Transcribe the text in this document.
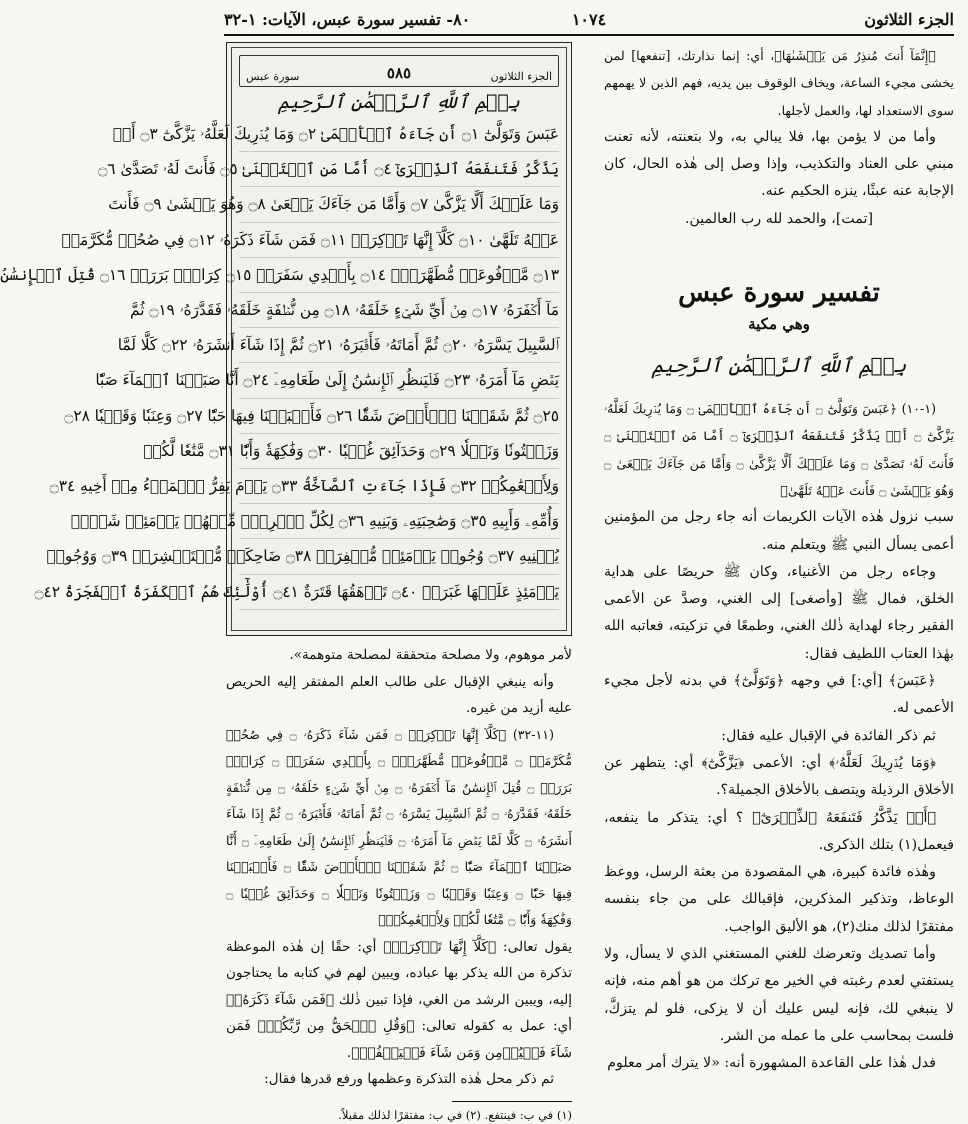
الجزء الثلاثون
١٠٧٤
٨٠- تفسير سورة عبس، الآيات: ١-٣٢

﴿إِنَّمَآ أَنتَ مُنذِرُ مَن يَخۡشَىٰهَا﴾، أي: إنما نذارتك، [تنفعها] لمن يخشى مجيء الساعة، ويخاف الوقوف بين يديه، فهم الذين لا يهمهم سوى الاستعداد لها، والعمل لأجلها.

وأما من لا يؤمن بها، فلا يبالي به، ولا بتعنته، لأنه تعنت مبني على العناد والتكذيب، وإذا وصل إلى هٰذه الحال، كان الإجابة عنه عبثًا، ينزه الحكيم عنه.

[تمت]، والحمد لله رب العالمين.

تفسير سورة عبس
وهي مكية
بِسۡمِ ٱللَّهِ ٱلرَّحۡمَٰنِ ٱلرَّحِيمِ

(١-١٠) ﴿عَبَسَ وَتَوَلَّىٰٓ ۝ أَن جَآءَهُ ٱلۡأَعۡمَىٰ ۝ وَمَا يُدۡرِيكَ لَعَلَّهُۥ يَزَّكَّىٰٓ ۝ أَوۡ يَذَّكَّرُ فَتَنفَعَهُ ٱلذِّكۡرَىٰٓ ۝ أَمَّا مَنِ ٱسۡتَغۡنَىٰ ۝ فَأَنتَ لَهُۥ تَصَدَّىٰ ۝ وَمَا عَلَيۡكَ أَلَّا يَزَّكَّىٰ ۝ وَأَمَّا مَن جَآءَكَ يَسۡعَىٰ ۝ وَهُوَ يَخۡشَىٰ ۝ فَأَنتَ عَنۡهُ تَلَهَّىٰ﴾

سبب نزول هٰذه الآيات الكريمات أنه جاء رجل من المؤمنين أعمى يسأل النبي ﷺ ويتعلم منه.

وجاءه رجل من الأغنياء، وكان ﷺ حريصًا على هداية الخلق، فمال ﷺ [وأصغى] إلى الغني، وصدَّ عن الأعمى الفقير رجاء لهداية ذٰلك الغني، وطمعًا في تزكيته، فعاتبه الله بهٰذا العتاب اللطيف فقال:

﴿عَبَسَ﴾ [أي:] في وجهه ﴿وَتَوَلَّىٰٓ﴾ في بدنه لأجل مجيء الأعمى له.

ثم ذكر الفائدة في الإقبال عليه فقال:

﴿وَمَا يُدۡرِيكَ لَعَلَّهُۥ﴾ أي: الأعمى ﴿يَزَّكَّىٰٓ﴾ أي: يتطهر عن الأخلاق الرذيلة ويتصف بالأخلاق الجميلة؟.

﴿أَوۡ يَذَّكَّرُ فَتَنفَعَهُ ٱلذِّكۡرَىٰٓ﴾ ؟ أي: يتذكر ما ينفعه، فيعمل(١) بتلك الذكرى.

وهٰذه فائدة كبيرة، هي المقصودة من بعثة الرسل، ووعظ الوعاظ، وتذكير المذكرين، فإقبالك على من جاء بنفسه مفتقرًا لذلك منك(٢)، هو الأليق الواجب.

وأما تصديك وتعرضك للغني المستغني الذي لا يسأل، ولا يستفتي لعدم رغبته في الخير مع تركك من هو أهم منه، فإنه لا ينبغي لك، فإنه ليس عليك أن لا يزكى، فلو لم يتزكَّ، فلست بمحاسب على ما عمله من الشر.

فدل هٰذا على القاعدة المشهورة أنه: «لا يترك أمر معلوم

الجزء الثلاثون
٥٨٥
سورة عبس
بِسۡمِ ٱللَّهِ ٱلرَّحۡمَٰنِ ٱلرَّحِيمِ
عَبَسَ وَتَوَلَّىٰٓ ۝١ أَن جَآءَهُ ٱلۡأَعۡمَىٰ ۝٢ وَمَا يُدۡرِيكَ لَعَلَّهُۥ يَزَّكَّىٰٓ ۝٣ أَوۡ
يَذَّكَّرُ فَتَنفَعَهُ ٱلذِّكۡرَىٰٓ ۝٤ أَمَّا مَنِ ٱسۡتَغۡنَىٰ ۝٥ فَأَنتَ لَهُۥ تَصَدَّىٰ ۝٦
وَمَا عَلَيۡكَ أَلَّا يَزَّكَّىٰ ۝٧ وَأَمَّا مَن جَآءَكَ يَسۡعَىٰ ۝٨ وَهُوَ يَخۡشَىٰ ۝٩ فَأَنتَ
عَنۡهُ تَلَهَّىٰ ۝١٠ كَلَّآ إِنَّهَا تَذۡكِرَةٞ ۝١١ فَمَن شَآءَ ذَكَرَهُۥ ۝١٢ فِي صُحُفٖ مُّكَرَّمَةٖ
۝١٣ مَّرۡفُوعَةٖ مُّطَهَّرَةِۭ ۝١٤ بِأَيۡدِي سَفَرَةٖ ۝١٥ كِرَامِۭ بَرَرَةٖ ۝١٦ قُتِلَ ٱلۡإِنسَٰنُ
مَآ أَكۡفَرَهُۥ ۝١٧ مِنۡ أَيِّ شَيۡءٍ خَلَقَهُۥ ۝١٨ مِن نُّطۡفَةٍ خَلَقَهُۥ فَقَدَّرَهُۥ ۝١٩ ثُمَّ
ٱلسَّبِيلَ يَسَّرَهُۥ ۝٢٠ ثُمَّ أَمَاتَهُۥ فَأَقۡبَرَهُۥ ۝٢١ ثُمَّ إِذَا شَآءَ أَنشَرَهُۥ ۝٢٢ كَلَّا لَمَّا
يَقۡضِ مَآ أَمَرَهُۥ ۝٢٣ فَلۡيَنظُرِ ٱلۡإِنسَٰنُ إِلَىٰ طَعَامِهِۦٓ ۝٢٤ أَنَّا صَبَبۡنَا ٱلۡمَآءَ صَبّٗا
۝٢٥ ثُمَّ شَقَقۡنَا ٱلۡأَرۡضَ شَقّٗا ۝٢٦ فَأَنۢبَتۡنَا فِيهَا حَبّٗا ۝٢٧ وَعِنَبٗا وَقَضۡبٗا ۝٢٨
وَزَيۡتُونٗا وَنَخۡلٗا ۝٢٩ وَحَدَآئِقَ غُلۡبٗا ۝٣٠ وَفَٰكِهَةٗ وَأَبّٗا ۝٣١ مَّتَٰعٗا لَّكُمۡ
وَلِأَنۡعَٰمِكُمۡ ۝٣٢ فَإِذَا جَآءَتِ ٱلصَّآخَّةُ ۝٣٣ يَوۡمَ يَفِرُّ ٱلۡمَرۡءُ مِنۡ أَخِيهِ ۝٣٤
وَأُمِّهِۦ وَأَبِيهِ ۝٣٥ وَصَٰحِبَتِهِۦ وَبَنِيهِ ۝٣٦ لِكُلِّ ٱمۡرِيٕٖ مِّنۡهُمۡ يَوۡمَئِذٖ شَأۡنٞ
يُغۡنِيهِ ۝٣٧ وُجُوهٞ يَوۡمَئِذٖ مُّسۡفِرَةٞ ۝٣٨ ضَاحِكَةٞ مُّسۡتَبۡشِرَةٞ ۝٣٩ وَوُجُوهٞ
يَوۡمَئِذٍ عَلَيۡهَا غَبَرَةٞ ۝٤٠ تَرۡهَقُهَا قَتَرَةٌ ۝٤١ أُوْلَٰٓئِكَ هُمُ ٱلۡكَفَرَةُ ٱلۡفَجَرَةُ ۝٤٢

لأمر موهوم، ولا مصلحة متحققة لمصلحة متوهمة».

وأنه ينبغي الإقبال على طالب العلم المفتقر إليه الحريص عليه أزيد من غيره.

(١١-٣٢) ﴿كَلَّآ إِنَّهَا تَذۡكِرَةٞ ۝ فَمَن شَآءَ ذَكَرَهُۥ ۝ فِي صُحُفٖ مُّكَرَّمَةٖ ۝ مَّرۡفُوعَةٖ مُّطَهَّرَةِۭ ۝ بِأَيۡدِي سَفَرَةٖ ۝ كِرَامِۭ بَرَرَةٖ ۝ قُتِلَ ٱلۡإِنسَٰنُ مَآ أَكۡفَرَهُۥ ۝ مِنۡ أَيِّ شَيۡءٍ خَلَقَهُۥ ۝ مِن نُّطۡفَةٍ خَلَقَهُۥ فَقَدَّرَهُۥ ۝ ثُمَّ ٱلسَّبِيلَ يَسَّرَهُۥ ۝ ثُمَّ أَمَاتَهُۥ فَأَقۡبَرَهُۥ ۝ ثُمَّ إِذَا شَآءَ أَنشَرَهُۥ ۝ كَلَّا لَمَّا يَقۡضِ مَآ أَمَرَهُۥ ۝ فَلۡيَنظُرِ ٱلۡإِنسَٰنُ إِلَىٰ طَعَامِهِۦٓ ۝ أَنَّا صَبَبۡنَا ٱلۡمَآءَ صَبّٗا ۝ ثُمَّ شَقَقۡنَا ٱلۡأَرۡضَ شَقّٗا ۝ فَأَنۢبَتۡنَا فِيهَا حَبّٗا ۝ وَعِنَبٗا وَقَضۡبٗا ۝ وَزَيۡتُونٗا وَنَخۡلٗا ۝ وَحَدَآئِقَ غُلۡبٗا ۝ وَفَٰكِهَةٗ وَأَبّٗا ۝ مَّتَٰعٗا لَّكُمۡ وَلِأَنۡعَٰمِكُمۡ﴾

يقول تعالى: ﴿كَلَّآ إِنَّهَا تَذۡكِرَةٞ﴾ أي: حقًا إن هٰذه الموعظة تذكرة من الله يذكر بها عباده، ويبين لهم في كتابه ما يحتاجون إليه، ويبين الرشد من الغي، فإذا تبين ذٰلك ﴿فَمَن شَآءَ ذَكَرَهُۥ﴾ أي: عمل به كقوله تعالى: ﴿وَقُلِ ٱلۡحَقُّ مِن رَّبِّكُمۡۖ فَمَن شَآءَ فَلۡيُؤۡمِن وَمَن شَآءَ فَلۡيَكۡفُرۡ﴾.

ثم ذكر محل هٰذه التذكرة وعظمها ورفع قدرها فقال:

(١) في ب: فينتفع. (٢) في ب: مفتقرًا لذلك مقبلاً.
